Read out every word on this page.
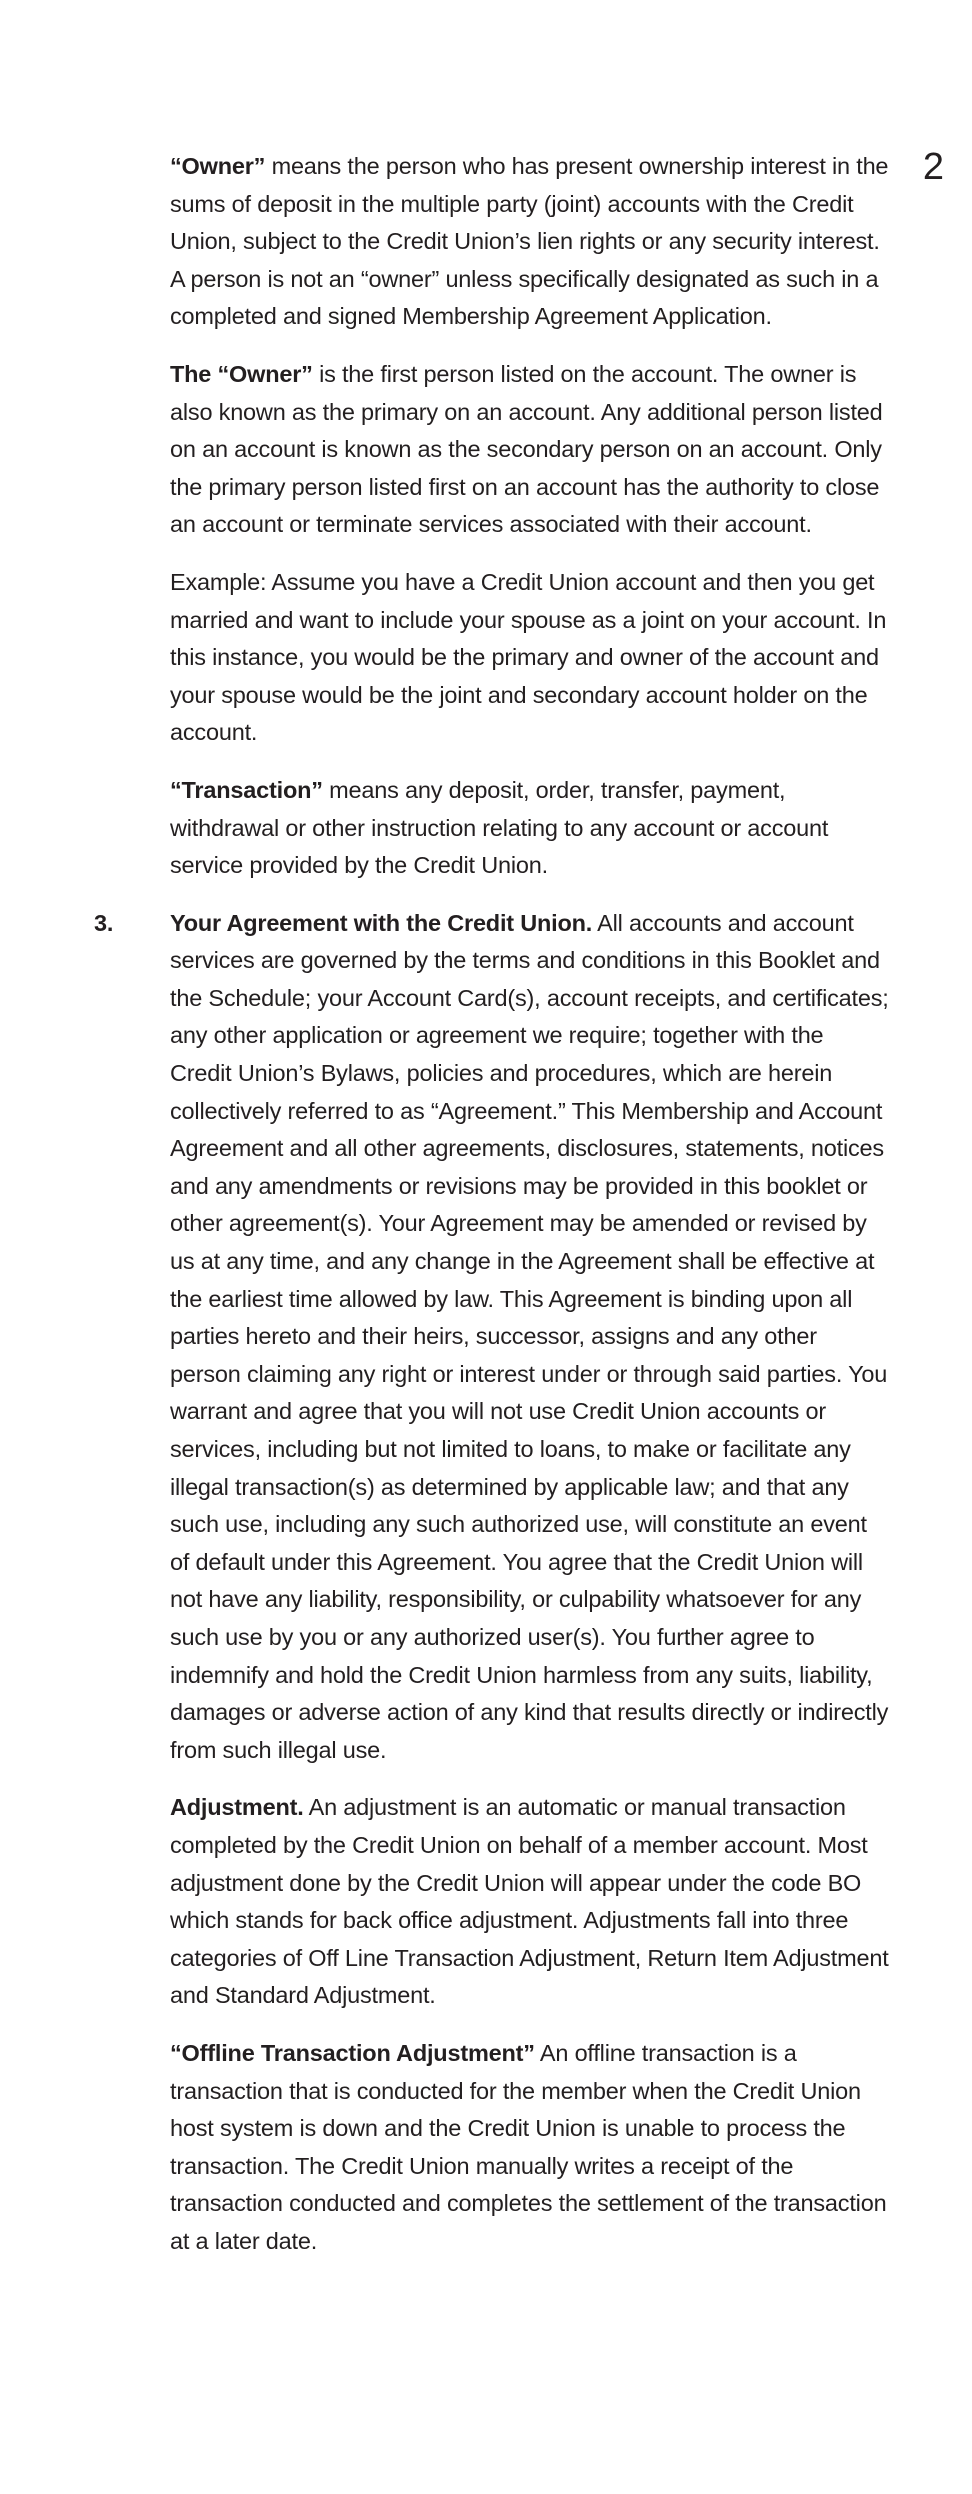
2

“Owner” means the person who has present ownership interest in the sums of deposit in the multiple party (joint) accounts with the Credit Union, subject to the Credit Union’s lien rights or any security interest. A person is not an “owner” unless specifically designated as such in a completed and signed Membership Agreement Application.

The “Owner” is the first person listed on the account. The owner is also known as the primary on an account. Any additional person listed on an account is known as the secondary person on an account. Only the primary person listed first on an account has the authority to close an account or terminate services associated with their account.

Example: Assume you have a Credit Union account and then you get married and want to include your spouse as a joint on your account. In this instance, you would be the primary and owner of the account and your spouse would be the joint and secondary account holder on the account.

“Transaction” means any deposit, order, transfer, payment, withdrawal or other instruction relating to any account or account service provided by the Credit Union.

3. Your Agreement with the Credit Union. All accounts and account services are governed by the terms and conditions in this Booklet and the Schedule; your Account Card(s), account receipts, and certificates; any other application or agreement we require; together with the Credit Union’s Bylaws, policies and procedures, which are herein collectively referred to as “Agreement.” This Membership and Account Agreement and all other agreements, disclosures, statements, notices and any amendments or revisions may be provided in this booklet or other agreement(s). Your Agreement may be amended or revised by us at any time, and any change in the Agreement shall be effective at the earliest time allowed by law. This Agreement is binding upon all parties hereto and their heirs, successor, assigns and any other person claiming any right or interest under or through said parties. You warrant and agree that you will not use Credit Union accounts or services, including but not limited to loans, to make or facilitate any illegal transaction(s) as determined by applicable law; and that any such use, including any such authorized use, will constitute an event of default under this Agreement. You agree that the Credit Union will not have any liability, responsibility, or culpability whatsoever for any such use by you or any authorized user(s). You further agree to indemnify and hold the Credit Union harmless from any suits, liability, damages or adverse action of any kind that results directly or indirectly from such illegal use.

Adjustment. An adjustment is an automatic or manual transaction completed by the Credit Union on behalf of a member account. Most adjustment done by the Credit Union will appear under the code BO which stands for back office adjustment. Adjustments fall into three categories of Off Line Transaction Adjustment, Return Item Adjustment and Standard Adjustment.

“Offline Transaction Adjustment” An offline transaction is a transaction that is conducted for the member when the Credit Union host system is down and the Credit Union is unable to process the transaction. The Credit Union manually writes a receipt of the transaction conducted and completes the settlement of the transaction at a later date.
